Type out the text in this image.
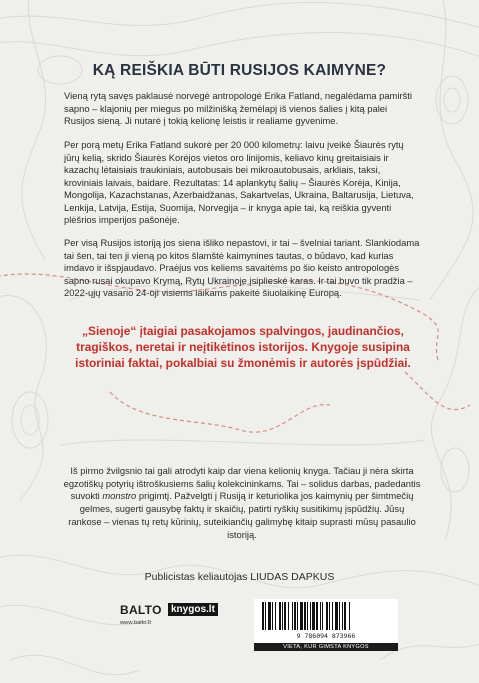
KĄ REIŠKIA BŪTI RUSIJOS KAIMYNE?

Vieną rytą savęs paklausė norvegė antropologė Erika Fatland, negalėdama pamiršti sapno – klajonių per miegus po milžinišką žemėlapį iš vienos šalies į kitą palei Rusijos sieną. Ji nutarė į tokią kelionę leistis ir realiame gyvenime.

Per porą metų Erika Fatland sukorė per 20 000 kilometrų: laivu įveikė Šiaurės rytų jūrų kelią, skrido Šiaurės Korėjos vietos oro linijomis, keliavo kinų greitaisiais ir kazachų lėtaisiais traukiniais, autobusais bei mikroautobusais, arkliais, taksi, kroviniais laivais, baidare. Rezultatas: 14 aplankytų šalių – Šiaurės Korėja, Kinija, Mongolija, Kazachstanas, Azerbaidžanas, Sakartvelas, Ukraina, Baltarusija, Lietuva, Lenkija, Latvija, Estija, Suomija, Norvegija – ir knyga apie tai, ką reiškia gyventi plėšrios imperijos pašonėje.

Per visą Rusijos istoriją jos siena išliko nepastovi, ir tai – švelniai tariant. Slankiodama tai šen, tai ten ji vieną po kitos šlamštė kaimynines tautas, o būdavo, kad kurias imdavo ir išspjaudavo. Praėjus vos keliems savaitėms po šio keisto antropologės sapno rusai okupavo Krymą, Rytų Ukrainoje įsiplieskė karas. Ir tai buvo tik pradžia – 2022-ųjų vasario 24-oji visiems laikams pakeitė šiuolaikinę Europą.

„Sienoje“ įtaigiai pasakojamos spalvingos, jaudinančios, tragiškos, neretai ir neįtikėtinos istorijos. Knygoje susipina istoriniai faktai, pokalbiai su žmonėmis ir autorės įspūdžiai.
Iš pirmo žvilgsnio tai gali atrodyti kaip dar viena kelionių knyga. Tačiau ji nėra skirta egzotiškų potyrių ištroškusiems šalių kolekcininkams. Tai – solidus darbas, padedantis suvokti monstro prigimtį. Pažvelgti į Rusiją ir keturiolika jos kaimynių per šimtmečių gelmes, sugerti gausybę faktų ir skaičių, patirti ryškių susitikimų įspūdžių. Jūsų rankose – vienas tų retų kūrinių, suteikiančių galimybę kitaip suprasti mūsų pasaulio istoriją.
Publicistas keliautojas LIUDAS DAPKUS
BALTO
www.balto.lt
knygos.lt
9 786094 873966
VIETA, KUR GIMSTA KNYGOS
